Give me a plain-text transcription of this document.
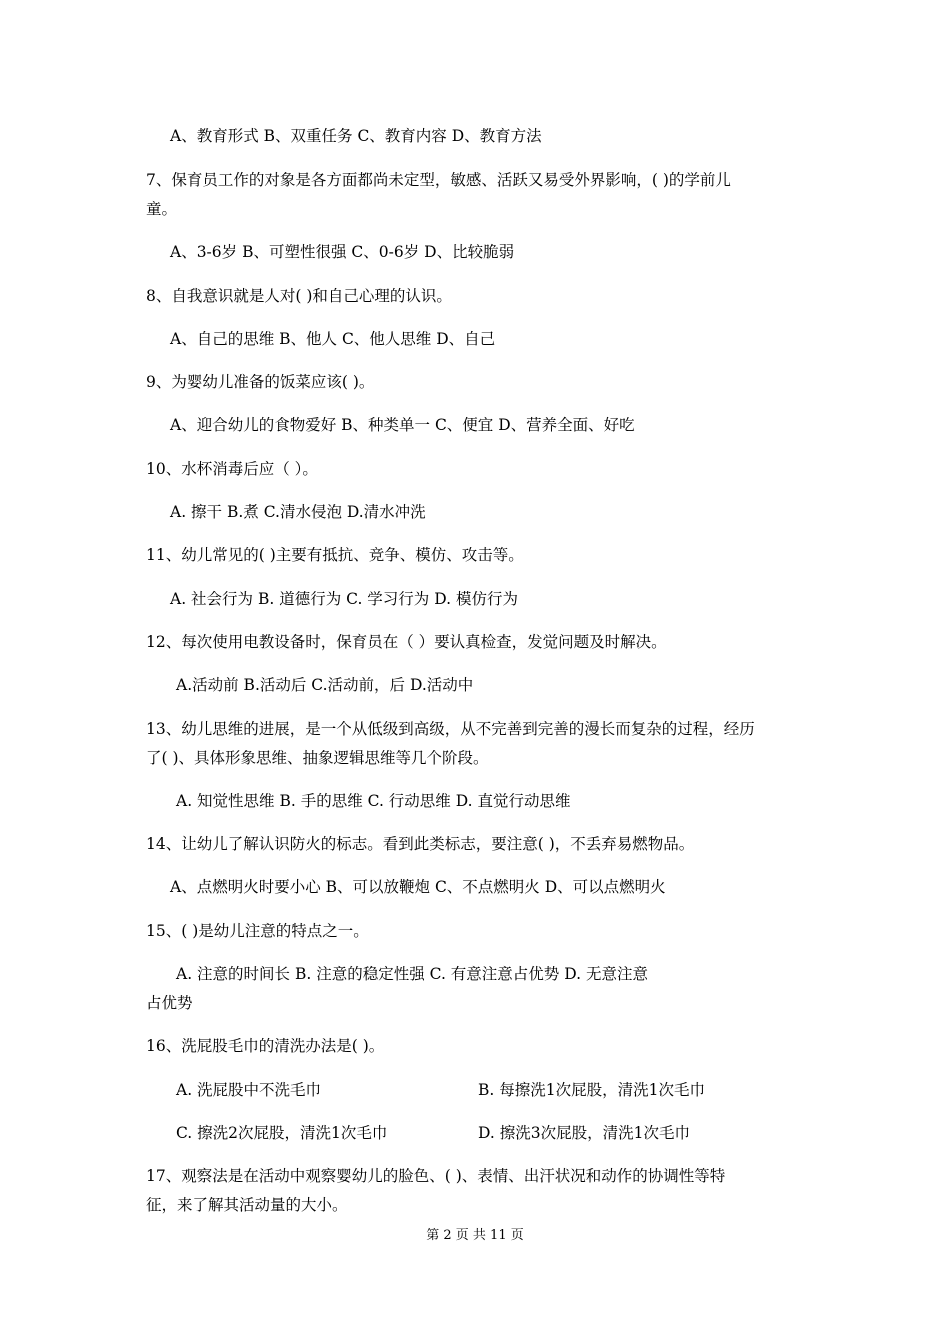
A、教育形式 B、双重任务 C、教育内容 D、教育方法
7、保育员工作的对象是各方面都尚未定型，敏感、活跃又易受外界影响，( )的学前儿
童。
A、3-6岁 B、可塑性很强 C、0-6岁 D、比较脆弱
8、自我意识就是人对( )和自己心理的认识。
A、自己的思维 B、他人 C、他人思维 D、自己
9、为婴幼儿准备的饭菜应该( )。
A、迎合幼儿的食物爱好 B、种类单一 C、便宜 D、营养全面、好吃
10、水杯消毒后应（ ）。
A. 擦干 B.煮 C.清水侵泡 D.清水冲洗
11、幼儿常见的( )主要有抵抗、竞争、模仿、攻击等。
A. 社会行为 B. 道德行为 C. 学习行为 D. 模仿行为
12、每次使用电教设备时，保育员在（ ）要认真检查，发觉问题及时解决。
A.活动前 B.活动后 C.活动前，后 D.活动中
13、幼儿思维的进展，是一个从低级到高级，从不完善到完善的漫长而复杂的过程，经历
了( )、具体形象思维、抽象逻辑思维等几个阶段。
A. 知觉性思维 B. 手的思维 C. 行动思维 D. 直觉行动思维
14、让幼儿了解认识防火的标志。看到此类标志，要注意( )，不丢弃易燃物品。
A、点燃明火时要小心 B、可以放鞭炮 C、不点燃明火 D、可以点燃明火
15、( )是幼儿注意的特点之一。
A. 注意的时间长 B. 注意的稳定性强 C. 有意注意占优势 D. 无意注意
占优势
16、洗屁股毛巾的清洗办法是( )。
A. 洗屁股中不洗毛巾	B. 每擦洗1次屁股，清洗1次毛巾
C. 擦洗2次屁股，清洗1次毛巾	D. 擦洗3次屁股，清洗1次毛巾
17、观察法是在活动中观察婴幼儿的脸色、( )、表情、出汗状况和动作的协调性等特
征，来了解其活动量的大小。
第 2 页 共 11 页
